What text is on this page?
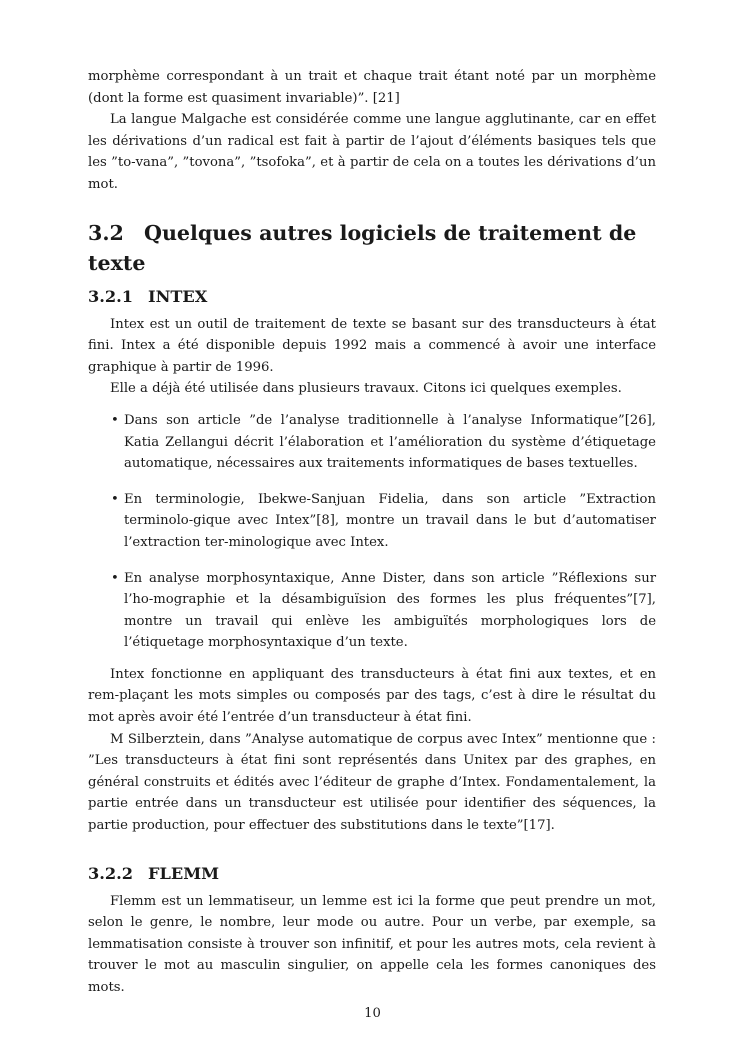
morphème correspondant à un trait et chaque trait étant noté par un morphème (dont la forme est quasiment invariable)”. [21]

La langue Malgache est considérée comme une langue agglutinante, car en effet les dérivations d’un radical est fait à partir de l’ajout d’éléments basiques tels que les ”to-vana”, ”tovona”, ”tsofoka”, et à partir de cela on a toutes les dérivations d’un mot.

3.2 Quelques autres logiciels de traitement de texte
3.2.1 INTEX

Intex est un outil de traitement de texte se basant sur des transducteurs à état fini. Intex a été disponible depuis 1992 mais a commencé à avoir une interface graphique à partir de 1996.

Elle a déjà été utilisée dans plusieurs travaux. Citons ici quelques exemples.

• Dans son article ”de l’analyse traditionnelle à l’analyse Informatique”[26], Katia Zellangui décrit l’élaboration et l’amélioration du système d’étiquetage automatique, nécessaires aux traitements informatiques de bases textuelles.

• En terminologie, Ibekwe-Sanjuan Fidelia, dans son article ”Extraction terminolo-gique avec Intex”[8], montre un travail dans le but d’automatiser l’extraction ter-minologique avec Intex.

• En analyse morphosyntaxique, Anne Dister, dans son article ”Réflexions sur l’ho-mographie et la désambiguïsion des formes les plus fréquentes”[7], montre un travail qui enlève les ambiguïtés morphologiques lors de l’étiquetage morphosyntaxique d’un texte.

Intex fonctionne en appliquant des transducteurs à état fini aux textes, et en rem-plaçant les mots simples ou composés par des tags, c’est à dire le résultat du mot après avoir été l’entrée d’un transducteur à état fini.

M Silberztein, dans ”Analyse automatique de corpus avec Intex” mentionne que : ”Les transducteurs à état fini sont représentés dans Unitex par des graphes, en général construits et édités avec l’éditeur de graphe d’Intex. Fondamentalement, la partie entrée dans un transducteur est utilisée pour identifier des séquences, la partie production, pour effectuer des substitutions dans le texte”[17].

3.2.2 FLEMM

Flemm est un lemmatiseur, un lemme est ici la forme que peut prendre un mot, selon le genre, le nombre, leur mode ou autre. Pour un verbe, par exemple, sa lemmatisation consiste à trouver son infinitif, et pour les autres mots, cela revient à trouver le mot au masculin singulier, on appelle cela les formes canoniques des mots.

10
